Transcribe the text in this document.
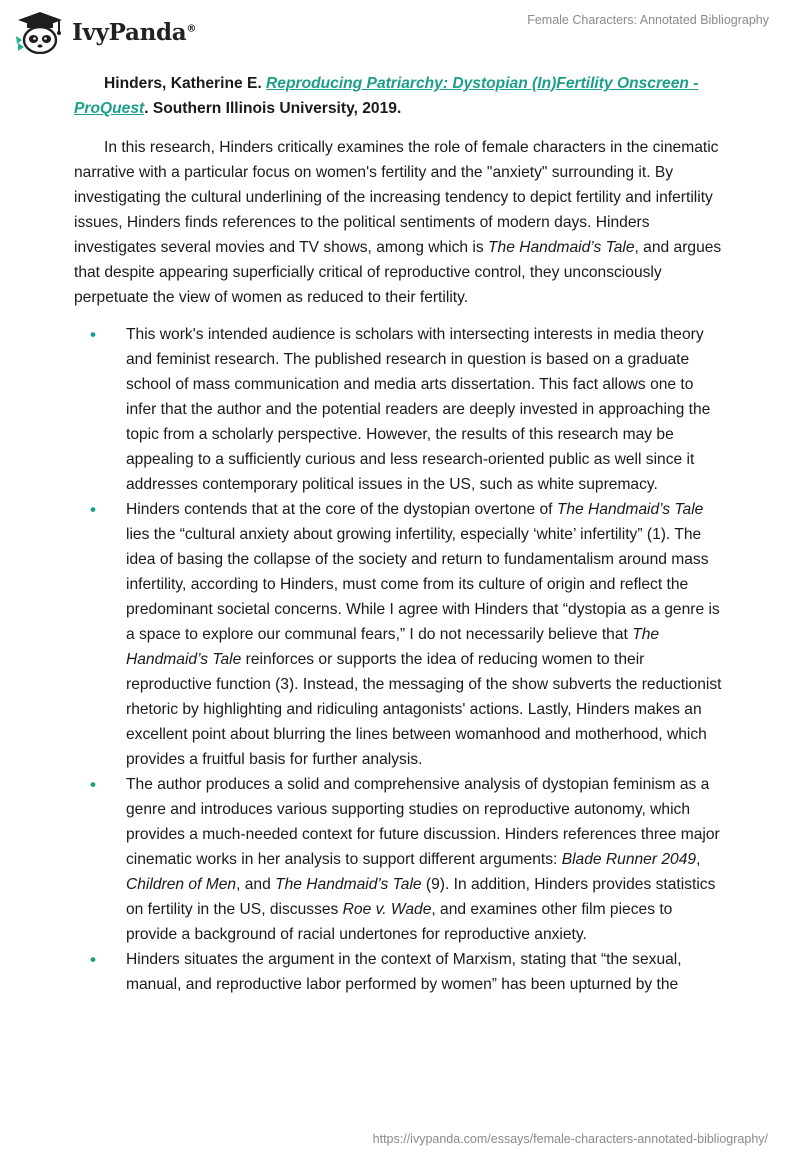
IvyPanda®
Female Characters: Annotated Bibliography

Hinders, Katherine E. Reproducing Patriarchy: Dystopian (In)Fertility Onscreen - ProQuest. Southern Illinois University, 2019.

In this research, Hinders critically examines the role of female characters in the cinematic narrative with a particular focus on women's fertility and the "anxiety" surrounding it. By investigating the cultural underlining of the increasing tendency to depict fertility and infertility issues, Hinders finds references to the political sentiments of modern days. Hinders investigates several movies and TV shows, among which is The Handmaid’s Tale, and argues that despite appearing superficially critical of reproductive control, they unconsciously perpetuate the view of women as reduced to their fertility.

• This work's intended audience is scholars with intersecting interests in media theory and feminist research. The published research in question is based on a graduate school of mass communication and media arts dissertation. This fact allows one to infer that the author and the potential readers are deeply invested in approaching the topic from a scholarly perspective. However, the results of this research may be appealing to a sufficiently curious and less research-oriented public as well since it addresses contemporary political issues in the US, such as white supremacy.
• Hinders contends that at the core of the dystopian overtone of The Handmaid’s Tale lies the “cultural anxiety about growing infertility, especially ‘white’ infertility” (1). The idea of basing the collapse of the society and return to fundamentalism around mass infertility, according to Hinders, must come from its culture of origin and reflect the predominant societal concerns. While I agree with Hinders that “dystopia as a genre is a space to explore our communal fears,” I do not necessarily believe that The Handmaid’s Tale reinforces or supports the idea of reducing women to their reproductive function (3). Instead, the messaging of the show subverts the reductionist rhetoric by highlighting and ridiculing antagonists' actions. Lastly, Hinders makes an excellent point about blurring the lines between womanhood and motherhood, which provides a fruitful basis for further analysis.
• The author produces a solid and comprehensive analysis of dystopian feminism as a genre and introduces various supporting studies on reproductive autonomy, which provides a much-needed context for future discussion. Hinders references three major cinematic works in her analysis to support different arguments: Blade Runner 2049, Children of Men, and The Handmaid’s Tale (9). In addition, Hinders provides statistics on fertility in the US, discusses Roe v. Wade, and examines other film pieces to provide a background of racial undertones for reproductive anxiety.
• Hinders situates the argument in the context of Marxism, stating that “the sexual, manual, and reproductive labor performed by women” has been upturned by the
https://ivypanda.com/essays/female-characters-annotated-bibliography/
